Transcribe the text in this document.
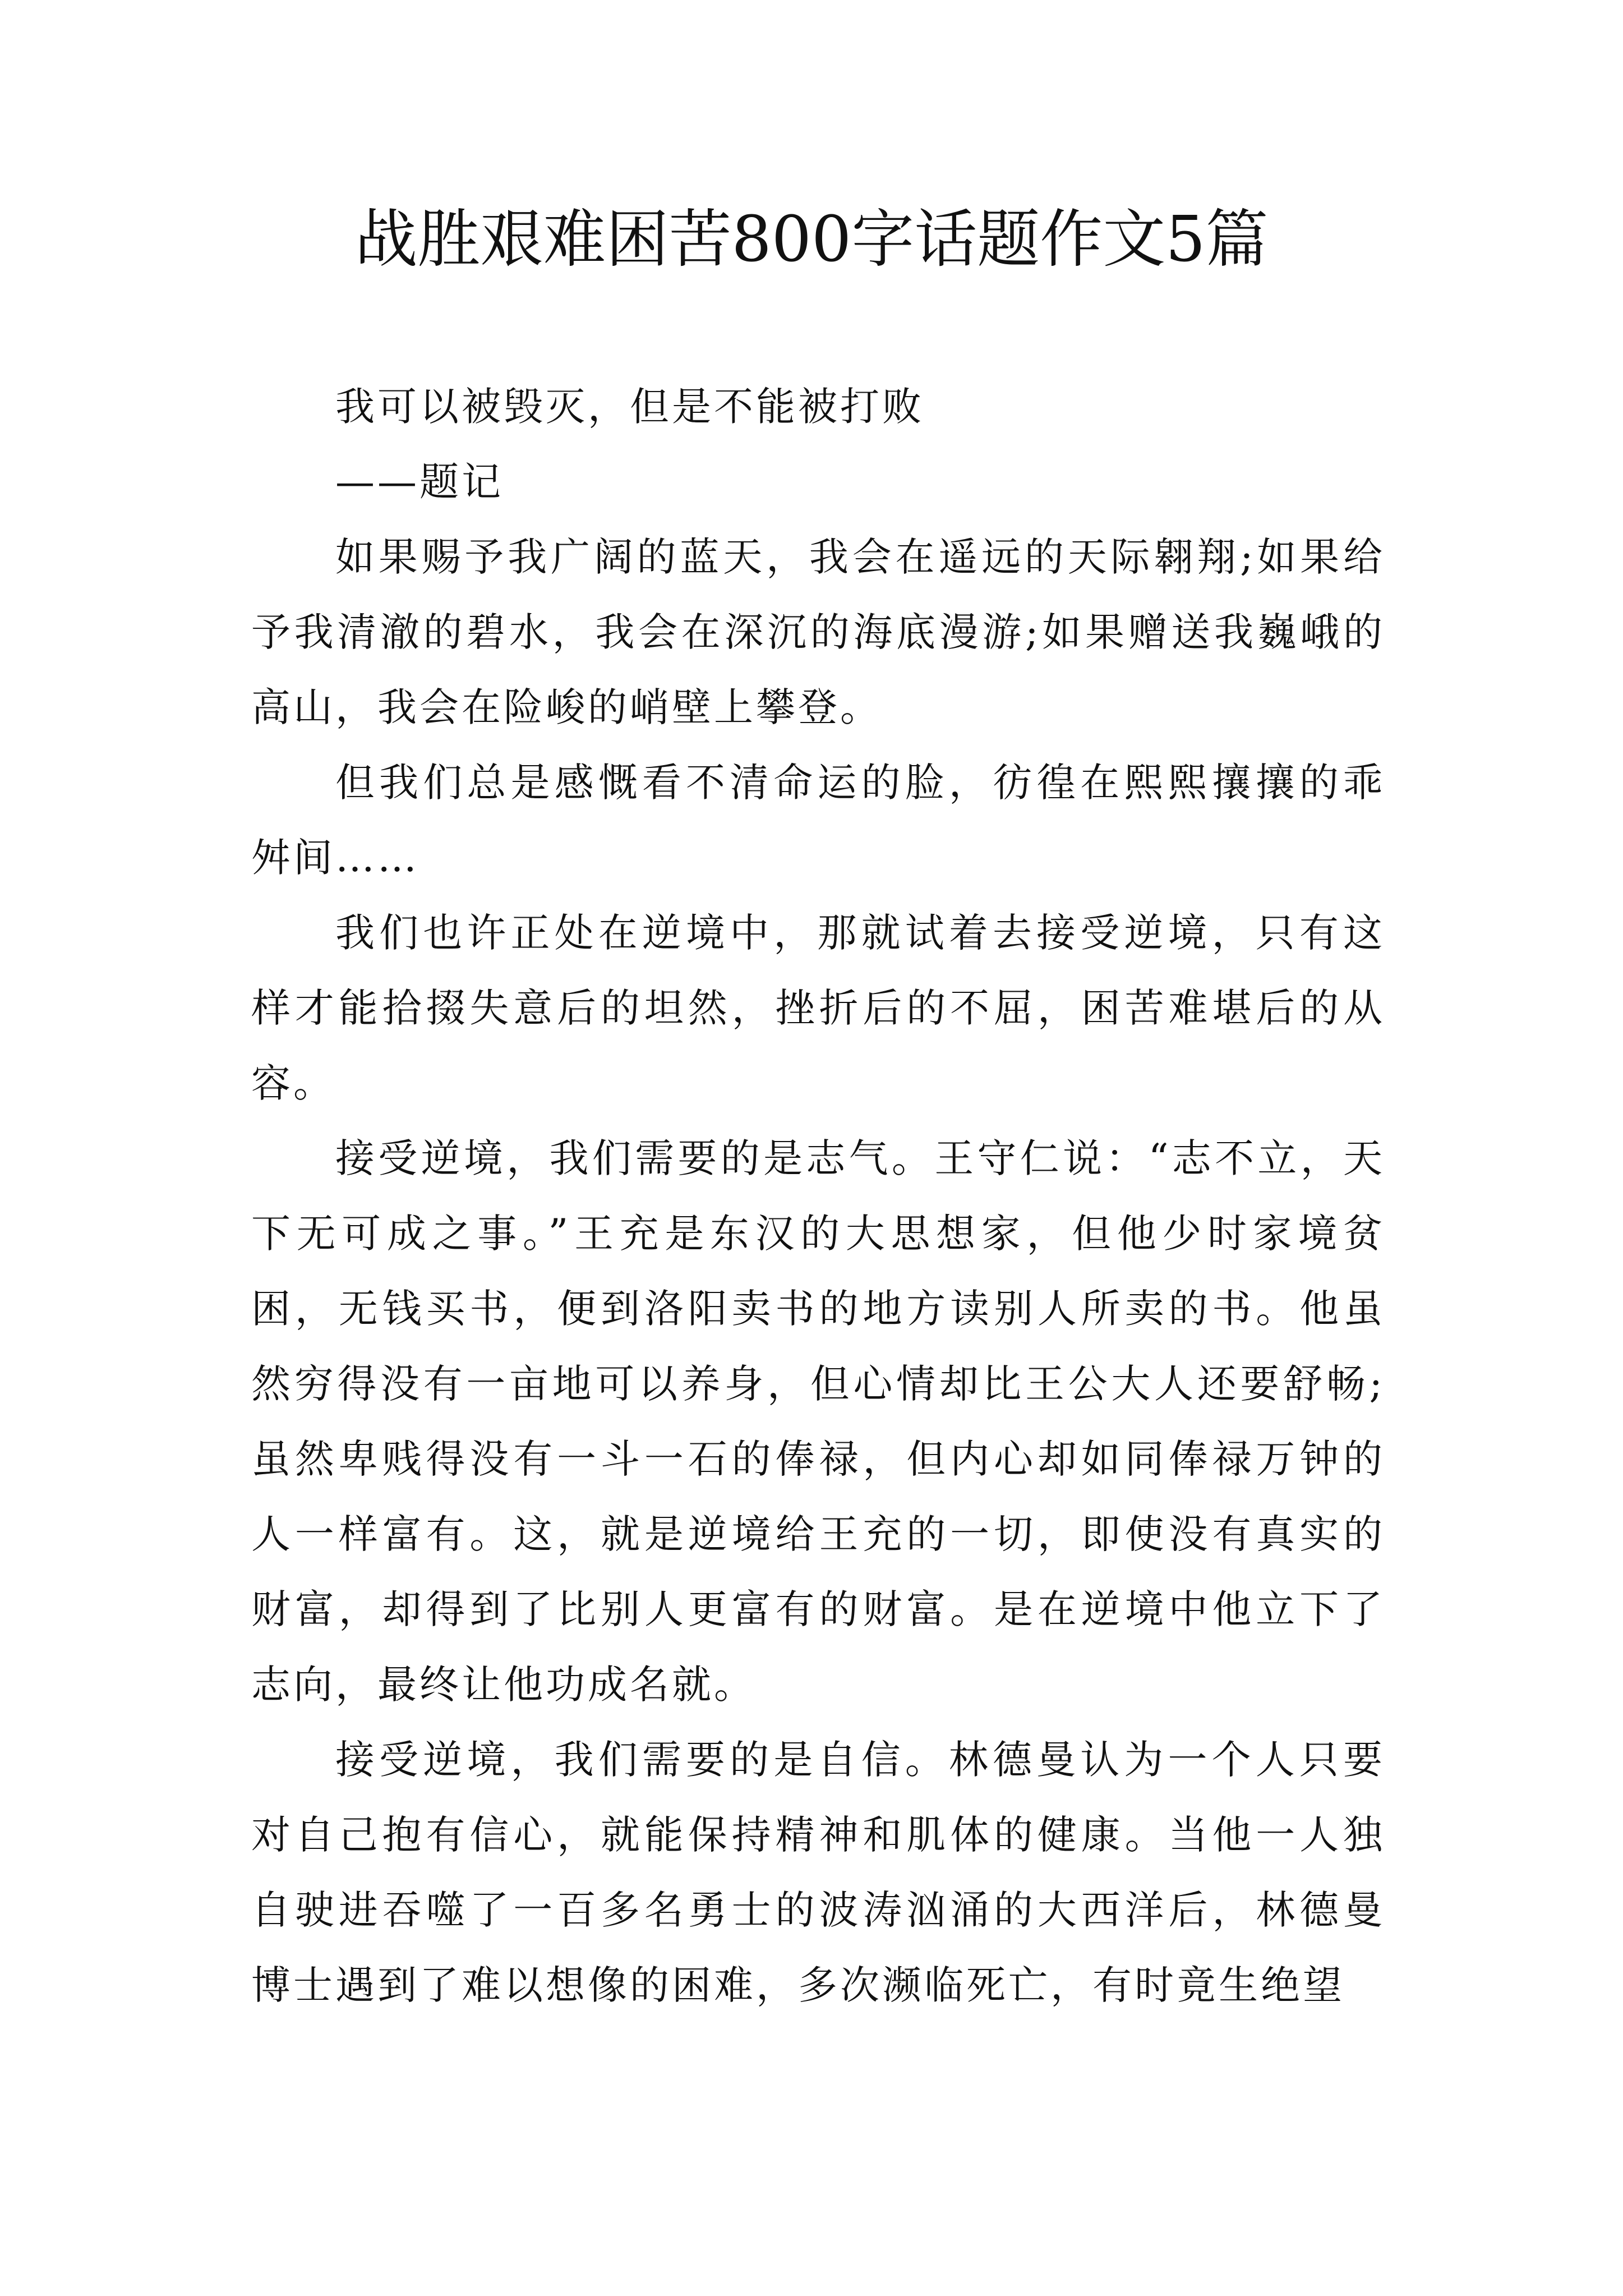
战胜艰难困苦800字话题作文5篇

我可以被毁灭，但是不能被打败

——题记

如果赐予我广阔的蓝天，我会在遥远的天际翱翔;如果给予我清澈的碧水，我会在深沉的海底漫游;如果赠送我巍峨的高山，我会在险峻的峭壁上攀登。

但我们总是感慨看不清命运的脸，彷徨在熙熙攘攘的乖舛间……

我们也许正处在逆境中，那就试着去接受逆境，只有这样才能拾掇失意后的坦然，挫折后的不屈，困苦难堪后的从容。

接受逆境，我们需要的是志气。王守仁说：“志不立，天下无可成之事。”王充是东汉的大思想家，但他少时家境贫困，无钱买书，便到洛阳卖书的地方读别人所卖的书。他虽然穷得没有一亩地可以养身，但心情却比王公大人还要舒畅;虽然卑贱得没有一斗一石的俸禄，但内心却如同俸禄万钟的人一样富有。这，就是逆境给王充的一切，即使没有真实的财富，却得到了比别人更富有的财富。是在逆境中他立下了志向，最终让他功成名就。

接受逆境，我们需要的是自信。林德曼认为一个人只要对自己抱有信心，就能保持精神和肌体的健康。当他一人独自驶进吞噬了一百多名勇士的波涛汹涌的大西洋后，林德曼博士遇到了难以想像的困难，多次濒临死亡，有时竟生绝望
